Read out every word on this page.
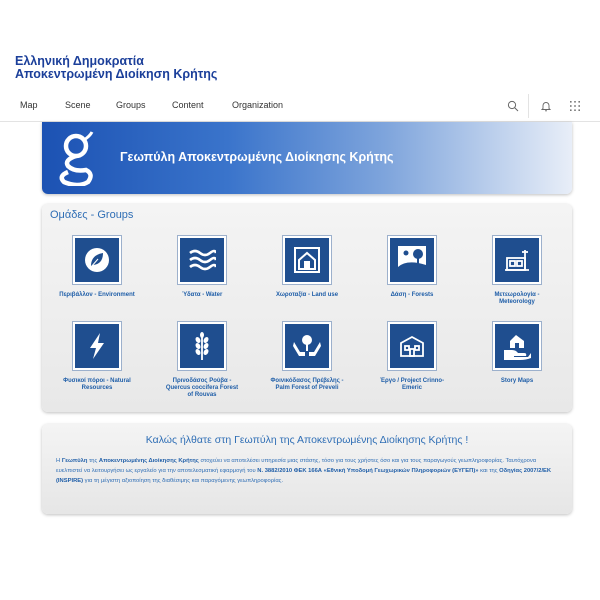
Ελληνική Δημοκρατία
Αποκεντρωμένη Διοίκηση Κρήτης
Map	Scene	Groups	Content	Organization
Γεωπύλη Αποκεντρωμένης Διοίκησης Κρήτης
Ομάδες - Groups
Περιβάλλον - Environment	Ύδατα - Water	Χωροταξία - Land use	Δάση - Forests	Μετεωρολογία - Meteorology
Φυσικοί πόροι - Natural Resources
Πρινοδάσος Ρούβα - Quercus coccifera Forest of Rouvas
Φοινικόδασος Πρέβελης - Palm Forest of Preveli
Έργο / Project Crinno-Emeric
Story Maps
Καλώς ήλθατε στη Γεωπύλη της Αποκεντρωμένης Διοίκησης Κρήτης !
Η Γεωπύλη της Αποκεντρωμένης Διοίκησης Κρήτης στοχεύει να αποτελέσει υπηρεσία μιας στάσης, τόσο για τους χρήστες όσο και για τους παραγωγούς γεωπληροφορίας. Ταυτόχρονα ευελπιστεί να λειτουργήσει ως εργαλείο για την αποτελεσματική εφαρμογή του Ν. 3882/2010 ΦΕΚ 166Α «Εθνική Υποδομή Γεωχωρικών Πληροφοριών (ΕΥΓΕΠ)» και της Οδηγίας 2007/2/ΕΚ (INSPIRE) για τη μέγιστη αξιοποίηση της διαθέσιμης και παραγόμενης γεωπληροφορίας.
